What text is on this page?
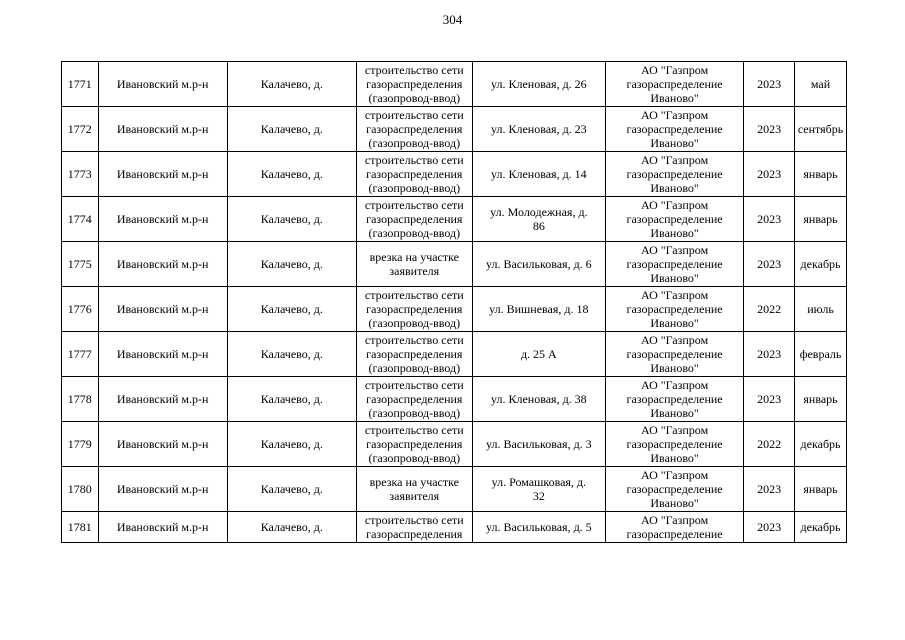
304
1771	Ивановский м.р-н	Калачево, д.	строительство сети
газораспределения
(газопровод-ввод)	ул. Кленовая, д. 26	АО "Газпром
газораспределение
Иваново"	2023	май

1772	Ивановский м.р-н	Калачево, д.	строительство сети
газораспределения
(газопровод-ввод)	ул. Кленовая, д. 23	АО "Газпром
газораспределение
Иваново"	2023	сентябрь

1773	Ивановский м.р-н	Калачево, д.	строительство сети
газораспределения
(газопровод-ввод)	ул. Кленовая, д. 14	АО "Газпром
газораспределение
Иваново"	2023	январь

1774	Ивановский м.р-н	Калачево, д.	строительство сети
газораспределения
(газопровод-ввод)	ул. Молодежная, д.
86	АО "Газпром
газораспределение
Иваново"	2023	январь

1775	Ивановский м.р-н	Калачево, д.	врезка на участке
заявителя	ул. Васильковая, д. 6	АО "Газпром
газораспределение
Иваново"	2023	декабрь

1776	Ивановский м.р-н	Калачево, д.	строительство сети
газораспределения
(газопровод-ввод)	ул. Вишневая, д. 18	АО "Газпром
газораспределение
Иваново"	2022	июль

1777	Ивановский м.р-н	Калачево, д.	строительство сети
газораспределения
(газопровод-ввод)	д. 25 А	АО "Газпром
газораспределение
Иваново"	2023	февраль

1778	Ивановский м.р-н	Калачево, д.	строительство сети
газораспределения
(газопровод-ввод)	ул. Кленовая, д. 38	АО "Газпром
газораспределение
Иваново"	2023	январь

1779	Ивановский м.р-н	Калачево, д.	строительство сети
газораспределения
(газопровод-ввод)	ул. Васильковая, д. 3	АО "Газпром
газораспределение
Иваново"	2022	декабрь

1780	Ивановский м.р-н	Калачево, д.	врезка на участке
заявителя	ул. Ромашковая, д.
32	АО "Газпром
газораспределение
Иваново"	2023	январь

1781	Ивановский м.р-н	Калачево, д.	строительство сети
газораспределения	ул. Васильковая, д. 5	АО "Газпром
газораспределение	2023	декабрь
